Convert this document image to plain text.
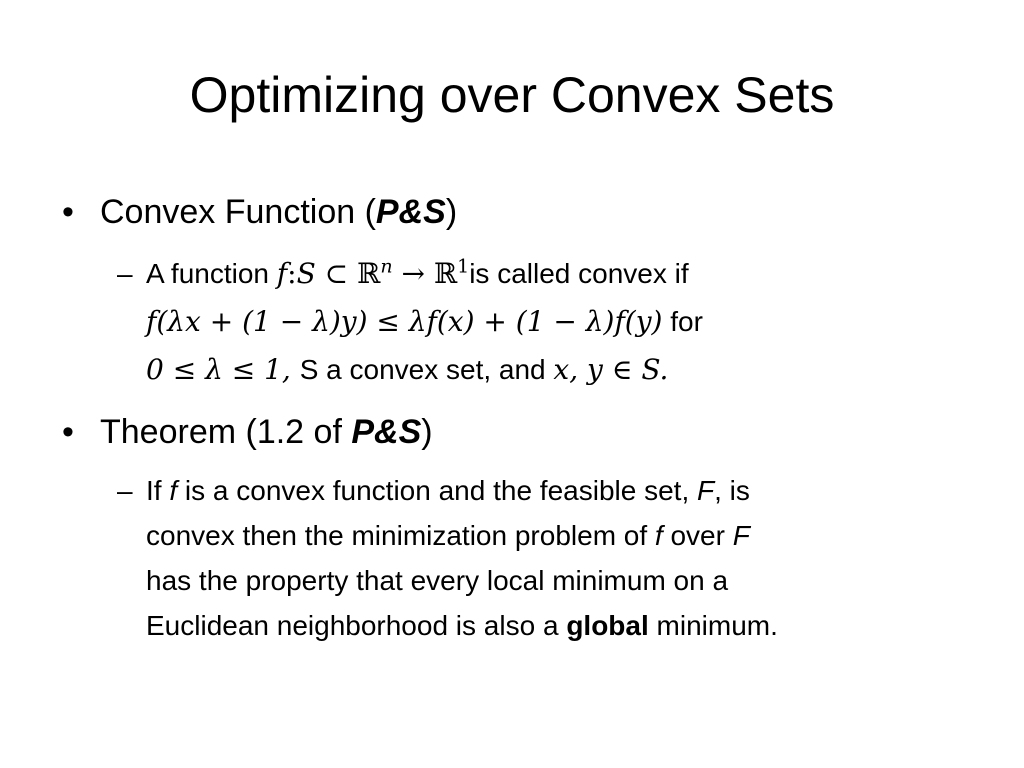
Optimizing over Convex Sets
• Convex Function (P&S)
– A function f:S ⊂ ℝ$^n$ → ℝ$^1$is called convex if
f(λx + (1 − λ)y) ≤ λf(x) + (1 − λ)f(y) for
0 ≤ λ ≤ 1, S a convex set, and x, y ∈ S.
• Theorem (1.2 of P&S)
– If f is a convex function and the feasible set, F, is
convex then the minimization problem of f over F
has the property that every local minimum on a
Euclidean neighborhood is also a global minimum.
